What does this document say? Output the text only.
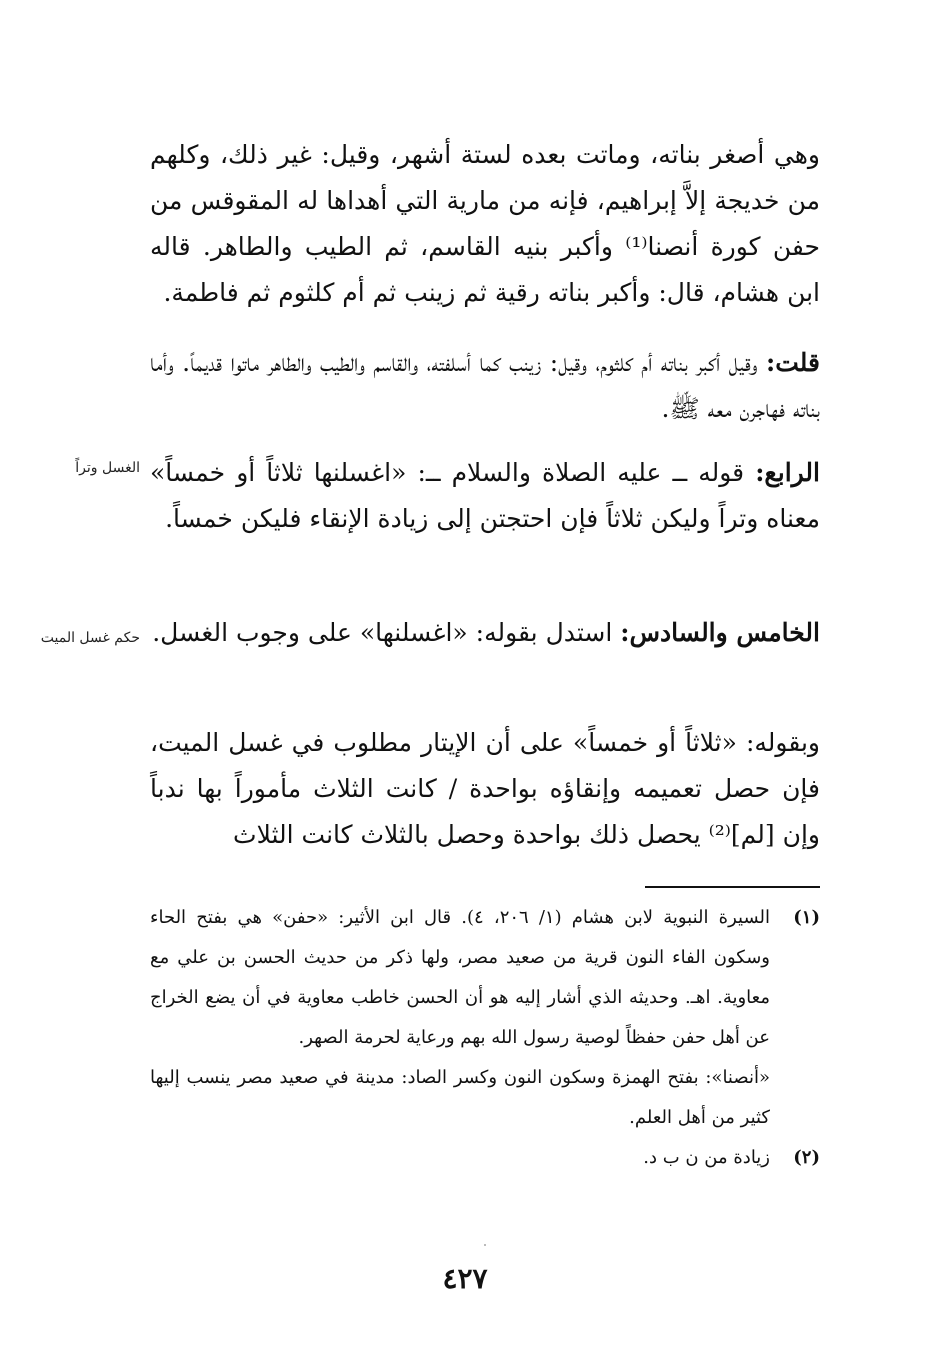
وهي أصغر بناته، وماتت بعده لستة أشهر، وقيل: غير ذلك، وكلهم من خديجة إلاَّ إبراهيم، فإنه من مارية التي أهداها له المقوقس من حفن كورة أنصنا⁽¹⁾ وأكبر بنيه القاسم، ثم الطيب والطاهر. قاله ابن هشام، قال: وأكبر بناته رقية ثم زينب ثم أم كلثوم ثم فاطمة.

قلت: وقيل أكبر بناته أم كلثوم، وقيل: زينب كما أسلفته، والقاسم والطيب والطاهر ماتوا قديماً. وأما بناته فهاجرن معه ﷺ.

الرابع: قوله ــ عليه الصلاة والسلام ــ: «اغسلنها ثلاثاً أو خمساً» معناه وتراً وليكن ثلاثاً فإن احتجتن إلى زيادة الإنقاء فليكن خمساً.

الخامس والسادس: استدل بقوله: «اغسلنها» على وجوب الغسل.

وبقوله: «ثلاثاً أو خمساً» على أن الإيتار مطلوب في غسل الميت، فإن حصل تعميمه وإنقاؤه بواحدة / كانت الثلاث مأموراً بها ندباً وإن [لم]⁽²⁾ يحصل ذلك بواحدة وحصل بالثلاث كانت الثلاث

الغسل وتراً
حكم غسل الميت
(١)
السيرة النبوية لابن هشام (١/ ٢٠٦، ٤). قال ابن الأثير: «حفن» هي بفتح الحاء وسكون الفاء النون قرية من صعيد مصر، ولها ذكر من حديث الحسن بن علي مع معاوية. اهـ. وحديثه الذي أشار إليه هو أن الحسن خاطب معاوية في أن يضع الخراج عن أهل حفن حفظاً لوصية رسول الله بهم ورعاية لحرمة الصهر.
«أنصنا»: بفتح الهمزة وسكون النون وكسر الصاد: مدينة في صعيد مصر ينسب إليها كثير من أهل العلم.
(٢)
زيادة من ن ب د.
٤٢٧
